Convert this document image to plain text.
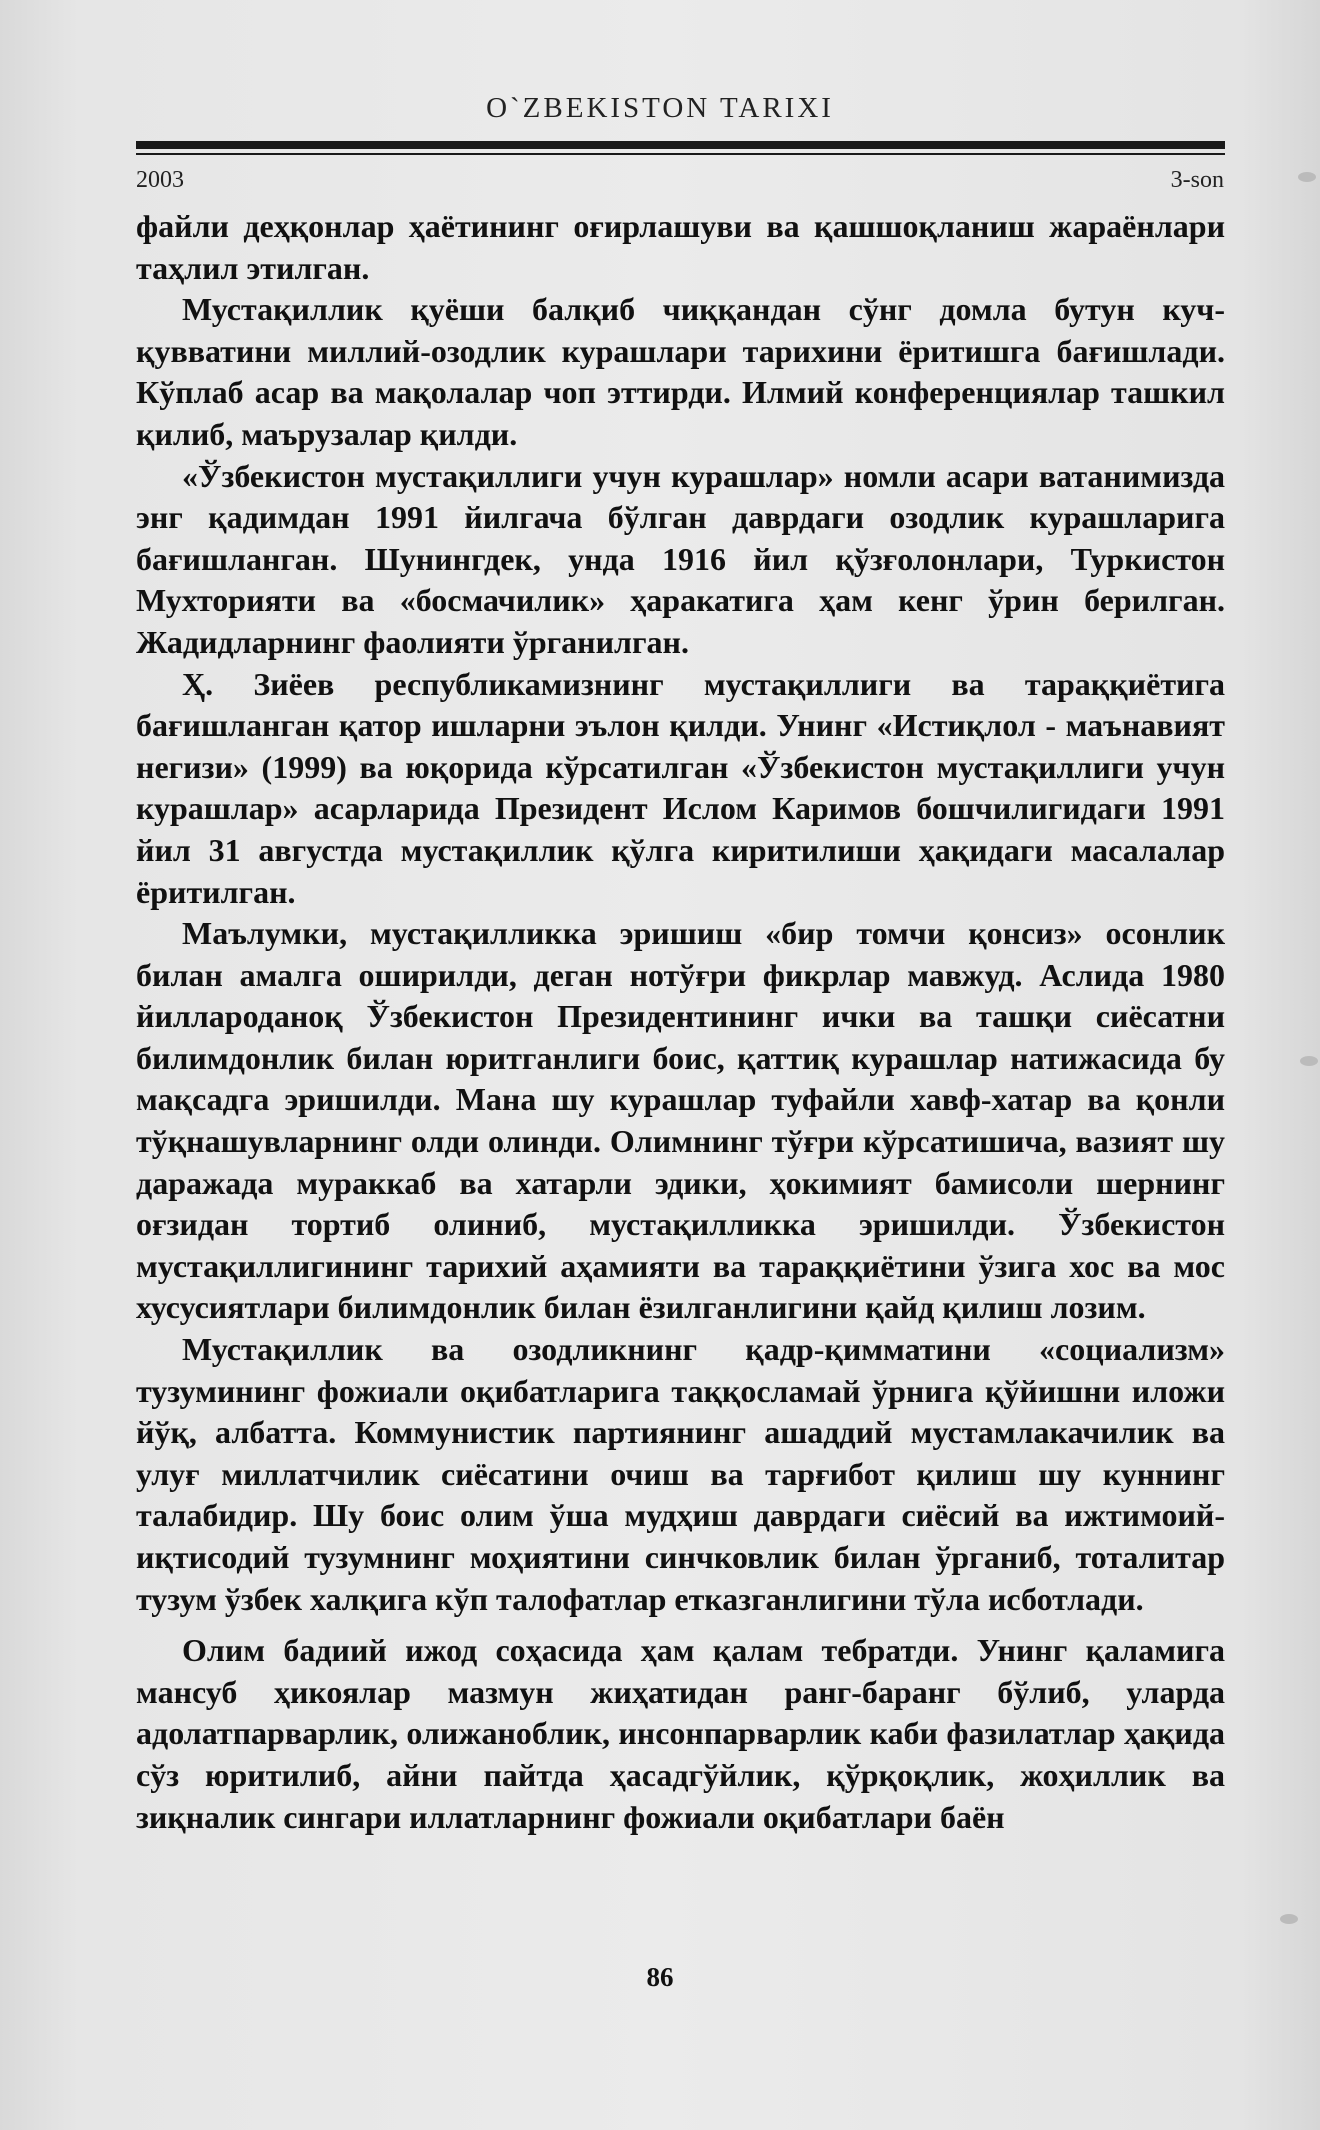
O`ZBEKISTON TARIXI
2003	3-son

файли деҳқонлар ҳаётининг оғирлашуви ва қашшоқланиш жараёнлари таҳлил этилган.

Мустақиллик қуёши балқиб чиққандан сўнг домла бутун куч-қувватини миллий-озодлик курашлари тарихини ёритишга бағишлади. Кўплаб асар ва мақолалар чоп эттирди. Илмий конференциялар ташкил қилиб, маърузалар қилди.

«Ўзбекистон мустақиллиги учун курашлар» номли асари ватанимизда энг қадимдан 1991 йилгача бўлган даврдаги озодлик курашларига бағишланган. Шунингдек, унда 1916 йил қўзғолонлари, Туркистон Мухторияти ва «босмачилик» ҳаракатига ҳам кенг ўрин берилган. Жадидларнинг фаолияти ўрганилган.

Ҳ. Зиёев республикамизнинг мустақиллиги ва тараққиётига бағишланган қатор ишларни эълон қилди. Унинг «Истиқлол - маънавият негизи» (1999) ва юқорида кўрсатилган «Ўзбекистон мустақиллиги учун курашлар» асарларида Президент Ислом Каримов бошчилигидаги 1991 йил 31 августда мустақиллик қўлга киритилиши ҳақидаги масалалар ёритилган.

Маълумки, мустақилликка эришиш «бир томчи қонсиз» осонлик билан амалга оширилди, деган нотўғри фикрлар мавжуд. Аслида 1980 йиллароданоқ Ўзбекистон Президентининг ички ва ташқи сиёсатни билимдонлик билан юритганлиги боис, қаттиқ курашлар натижасида бу мақсадга эришилди. Мана шу курашлар туфайли хавф-хатар ва қонли тўқнашувларнинг олди олинди. Олимнинг тўғри кўрсатишича, вазият шу даражада мураккаб ва хатарли эдики, ҳокимият бамисоли шернинг оғзидан тортиб олиниб, мустақилликка эришилди. Ўзбекистон мустақиллигининг тарихий аҳамияти ва тараққиётини ўзига хос ва мос хусусиятлари билимдонлик билан ёзилганлигини қайд қилиш лозим.

Мустақиллик ва озодликнинг қадр-қимматини «социализм» тузумининг фожиали оқибатларига таққосламай ўрнига қўйишни иложи йўқ, албатта. Коммунистик партиянинг ашаддий мустамлакачилик ва улуғ миллатчилик сиёсатини очиш ва тарғибот қилиш шу куннинг талабидир. Шу боис олим ўша мудҳиш даврдаги сиёсий ва ижтимоий-иқтисодий тузумнинг моҳиятини синчковлик билан ўрганиб, тоталитар тузум ўзбек халқига кўп талофатлар етказганлигини тўла исботлади.

Олим бадиий ижод соҳасида ҳам қалам тебратди. Унинг қаламига мансуб ҳикоялар мазмун жиҳатидан ранг-баранг бўлиб, уларда адолатпарварлик, олижаноблик, инсонпарварлик каби фазилатлар ҳақида сўз юритилиб, айни пайтда ҳасадгўйлик, қўрқоқлик, жоҳиллик ва зиқналик сингари иллатларнинг фожиали оқибатлари баён

86
